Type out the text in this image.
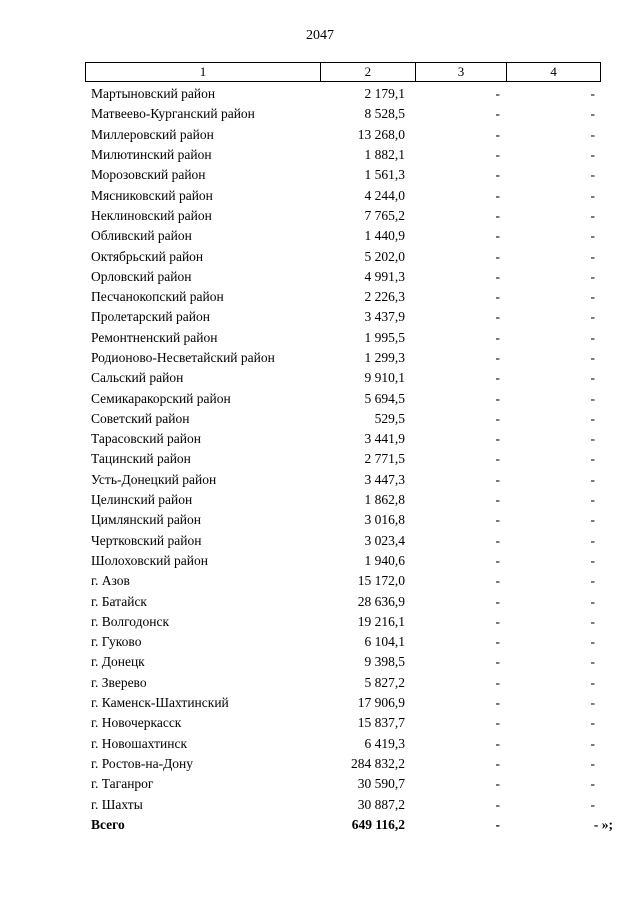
2047
1	2	3	4
Мартыновский район	2 179,1	-	-
Матвеево-Курганский район	8 528,5	-	-
Миллеровский район	13 268,0	-	-
Милютинский район	1 882,1	-	-
Морозовский район	1 561,3	-	-
Мясниковский район	4 244,0	-	-
Неклиновский район	7 765,2	-	-
Обливский район	1 440,9	-	-
Октябрьский район	5 202,0	-	-
Орловский район	4 991,3	-	-
Песчанокопский район	2 226,3	-	-
Пролетарский район	3 437,9	-	-
Ремонтненский район	1 995,5	-	-
Родионово-Несветайский район	1 299,3	-	-
Сальский район	9 910,1	-	-
Семикаракорский район	5 694,5	-	-
Советский район	529,5	-	-
Тарасовский район	3 441,9	-	-
Тацинский район	2 771,5	-	-
Усть-Донецкий район	3 447,3	-	-
Целинский район	1 862,8	-	-
Цимлянский район	3 016,8	-	-
Чертковский район	3 023,4	-	-
Шолоховский район	1 940,6	-	-
г. Азов	15 172,0	-	-
г. Батайск	28 636,9	-	-
г. Волгодонск	19 216,1	-	-
г. Гуково	6 104,1	-	-
г. Донецк	9 398,5	-	-
г. Зверево	5 827,2	-	-
г. Каменск-Шахтинский	17 906,9	-	-
г. Новочеркасск	15 837,7	-	-
г. Новошахтинск	6 419,3	-	-
г. Ростов-на-Дону	284 832,2	-	-
г. Таганрог	30 590,7	-	-
г. Шахты	30 887,2	-	-
Всего	649 116,2	-	- »;
